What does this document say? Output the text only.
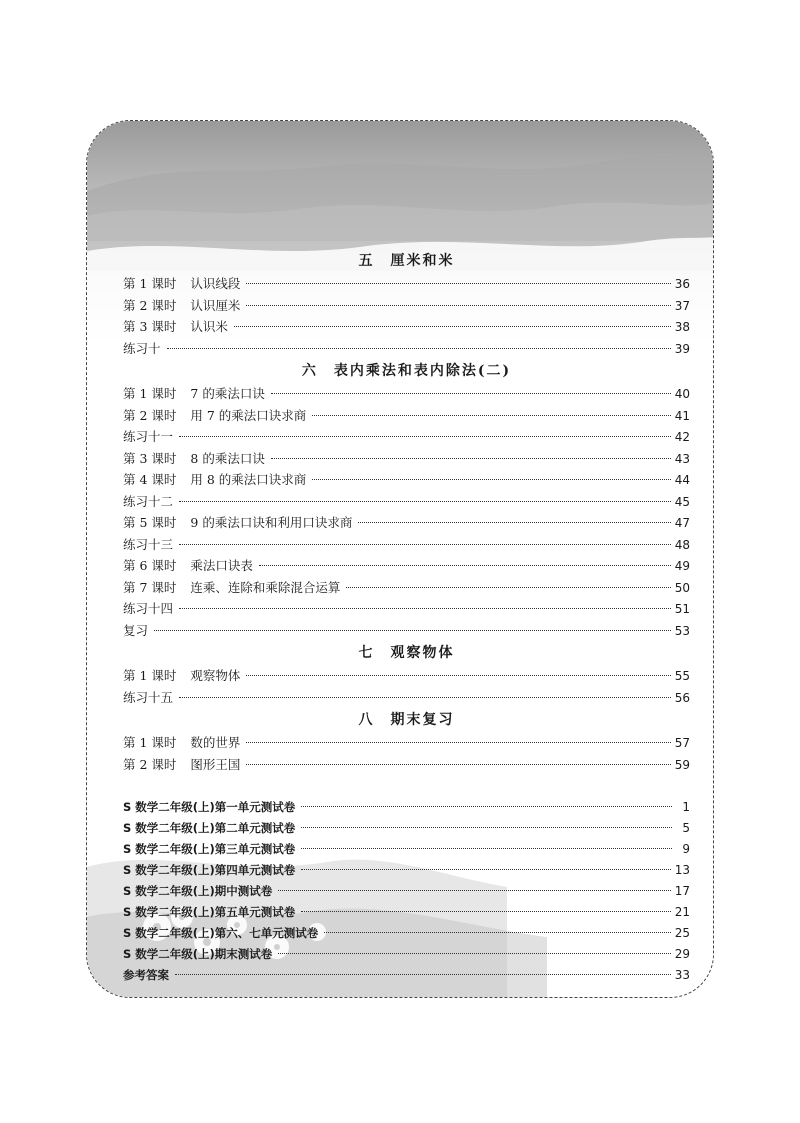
五　厘米和米
第 1 课时 认识线段	36
第 2 课时 认识厘米	37
第 3 课时 认识米	38
练习十	39
六　表内乘法和表内除法(二)
第 1 课时 7 的乘法口诀	40
第 2 课时 用 7 的乘法口诀求商	41
练习十一	42
第 3 课时 8 的乘法口诀	43
第 4 课时 用 8 的乘法口诀求商	44
练习十二	45
第 5 课时 9 的乘法口诀和利用口诀求商	47
练习十三	48
第 6 课时 乘法口诀表	49
第 7 课时 连乘、连除和乘除混合运算	50
练习十四	51
复习	53
七　观察物体
第 1 课时 观察物体	55
练习十五	56
八　期末复习
第 1 课时 数的世界	57
第 2 课时 图形王国	59
S 数学二年级(上)第一单元测试卷	1
S 数学二年级(上)第二单元测试卷	5
S 数学二年级(上)第三单元测试卷	9
S 数学二年级(上)第四单元测试卷	13
S 数学二年级(上)期中测试卷	17
S 数学二年级(上)第五单元测试卷	21
S 数学二年级(上)第六、七单元测试卷	25
S 数学二年级(上)期末测试卷	29
参考答案	33
